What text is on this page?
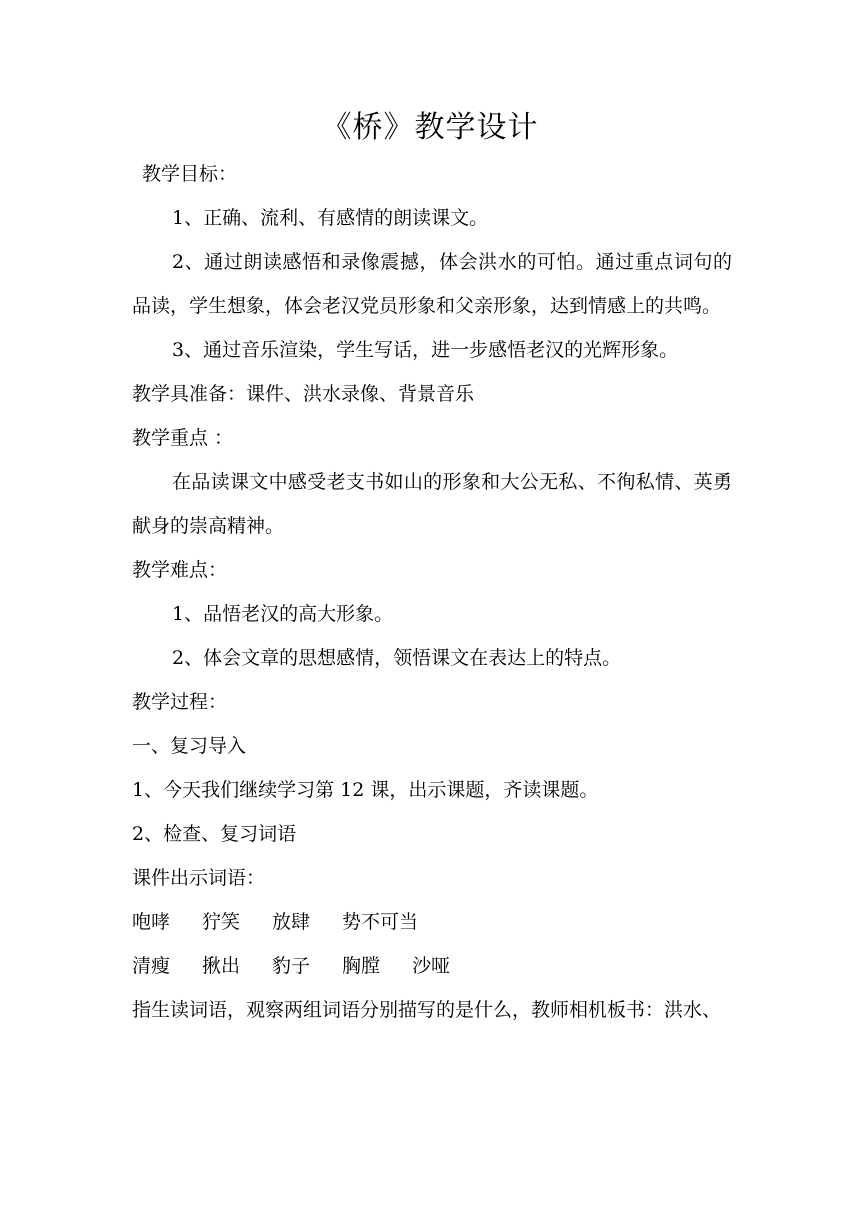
《桥》教学设计

教学目标：

1、正确、流利、有感情的朗读课文。

2、通过朗读感悟和录像震撼，体会洪水的可怕。通过重点词句的品读，学生想象，体会老汉党员形象和父亲形象，达到情感上的共鸣。

3、通过音乐渲染，学生写话，进一步感悟老汉的光辉形象。

教学具准备：课件、洪水录像、背景音乐

教学重点 ：

在品读课文中感受老支书如山的形象和大公无私、不徇私情、英勇献身的崇高精神。

教学难点：

1、品悟老汉的高大形象。

2、体会文章的思想感情，领悟课文在表达上的特点。

教学过程：

一、复习导入

1、今天我们继续学习第 12 课，出示课题，齐读课题。

2、检查、复习词语

课件出示词语：

咆哮 狞笑 放肆 势不可当
清瘦 揪出 豹子 胸膛 沙哑

指生读词语，观察两组词语分别描写的是什么，教师相机板书：洪水、
